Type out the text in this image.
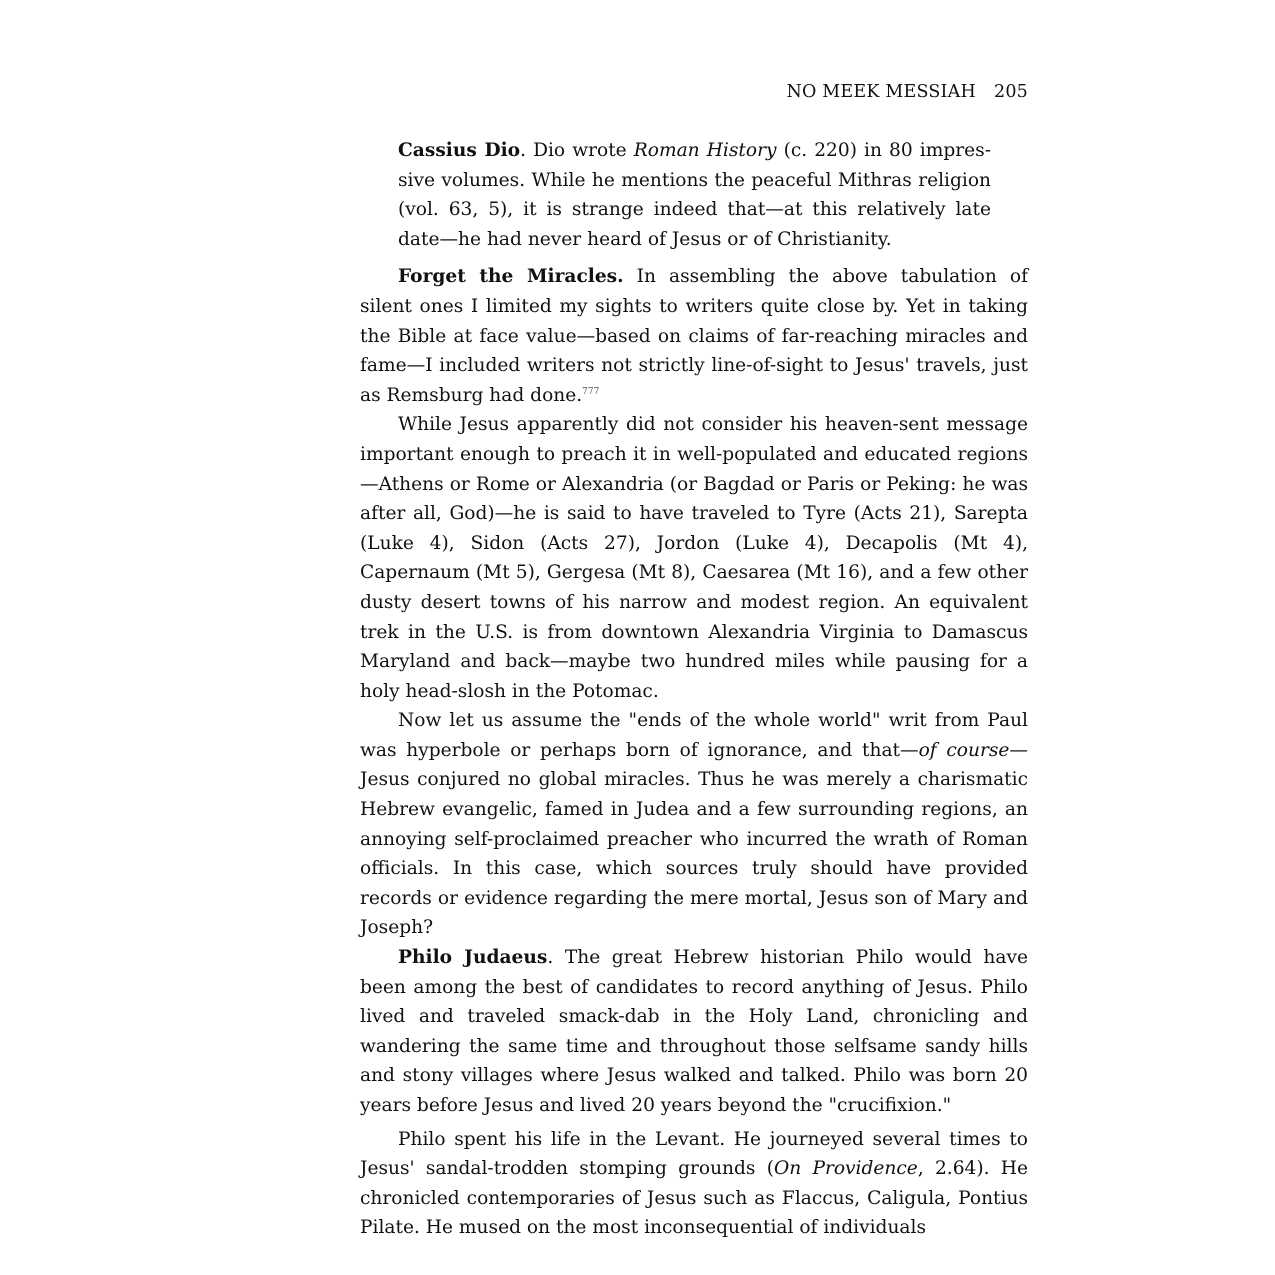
NO MEEK MESSIAH 205

Cassius Dio. Dio wrote Roman History (c. 220) in 80 impressive volumes. While he mentions the peaceful Mithras religion (vol. 63, 5), it is strange indeed that—at this relatively late date—he had never heard of Jesus or of Christianity.

Forget the Miracles. In assembling the above tabulation of silent ones I limited my sights to writers quite close by. Yet in taking the Bible at face value—based on claims of far-reaching miracles and fame—I included writers not strictly line-of-sight to Jesus' travels, just as Remsburg had done.$^{777}$

While Jesus apparently did not consider his heaven-sent message important enough to preach it in well-populated and educated regions—Athens or Rome or Alexandria (or Bagdad or Paris or Peking: he was after all, God)—he is said to have traveled to Tyre (Acts 21), Sarepta (Luke 4), Sidon (Acts 27), Jordon (Luke 4), Decapolis (Mt 4), Capernaum (Mt 5), Gergesa (Mt 8), Caesarea (Mt 16), and a few other dusty desert towns of his narrow and modest region. An equivalent trek in the U.S. is from downtown Alexandria Virginia to Damascus Maryland and back—maybe two hundred miles while pausing for a holy head-slosh in the Potomac.

Now let us assume the "ends of the whole world" writ from Paul was hyperbole or perhaps born of ignorance, and that—of course—Jesus conjured no global miracles. Thus he was merely a charismatic Hebrew evangelic, famed in Judea and a few surrounding regions, an annoying self-proclaimed preacher who incurred the wrath of Roman officials. In this case, which sources truly should have provided records or evidence regarding the mere mortal, Jesus son of Mary and Joseph?

Philo Judaeus. The great Hebrew historian Philo would have been among the best of candidates to record anything of Jesus. Philo lived and traveled smack-dab in the Holy Land, chronicling and wandering the same time and throughout those selfsame sandy hills and stony villages where Jesus walked and talked. Philo was born 20 years before Jesus and lived 20 years beyond the "crucifixion."

Philo spent his life in the Levant. He journeyed several times to Jesus' sandal-trodden stomping grounds (On Providence, 2.64). He chronicled contemporaries of Jesus such as Flaccus, Caligula, Pontius Pilate. He mused on the most inconsequential of individuals
